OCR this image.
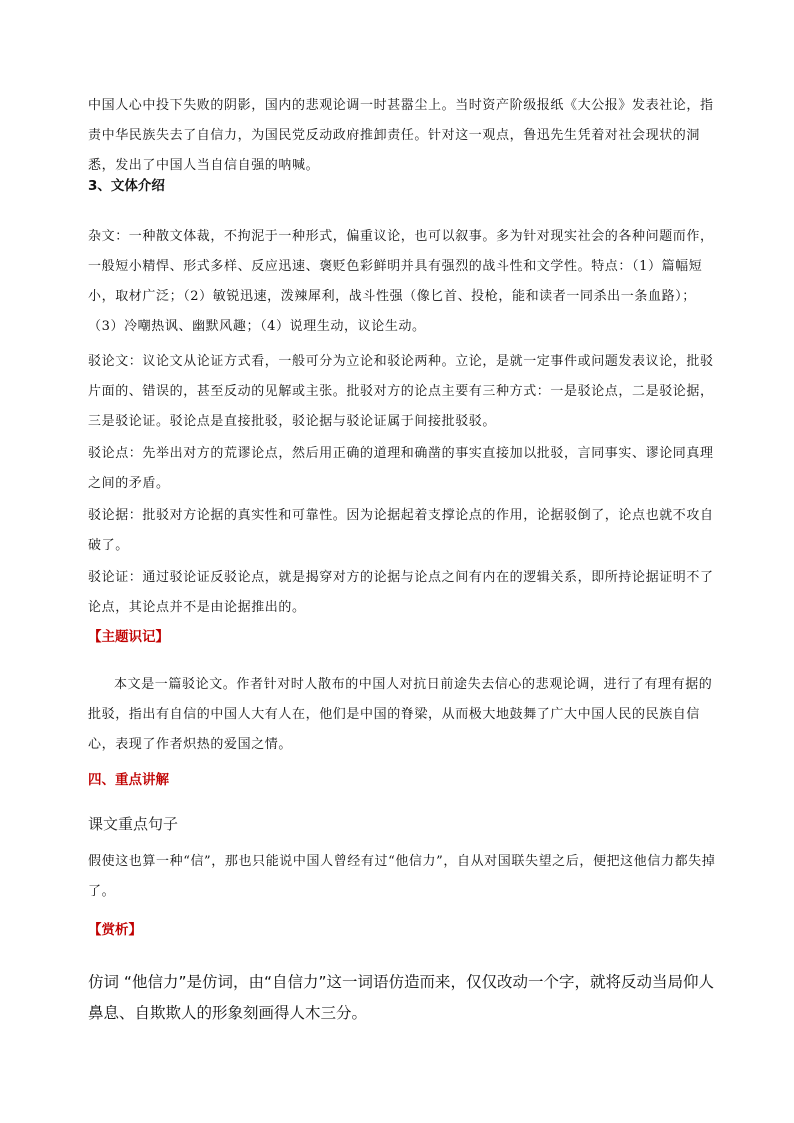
中国人心中投下失败的阴影，国内的悲观论调一时甚嚣尘上。当时资产阶级报纸《大公报》发表社论，指责中华民族失去了自信力，为国民党反动政府推卸责任。针对这一观点，鲁迅先生凭着对社会现状的洞悉，发出了中国人当自信自强的呐喊。

3、文体介绍

杂文：一种散文体裁，不拘泥于一种形式，偏重议论，也可以叙事。多为针对现实社会的各种问题而作，一般短小精悍、形式多样、反应迅速、褒贬色彩鲜明并具有强烈的战斗性和文学性。特点：（1）篇幅短小，取材广泛；（2）敏锐迅速，泼辣犀利，战斗性强（像匕首、投枪，能和读者一同杀出一条血路）；（3）冷嘲热讽、幽默风趣；（4）说理生动，议论生动。

驳论文：议论文从论证方式看，一般可分为立论和驳论两种。立论，是就一定事件或问题发表议论，批驳片面的、错误的，甚至反动的见解或主张。批驳对方的论点主要有三种方式：一是驳论点，二是驳论据，三是驳论证。驳论点是直接批驳，驳论据与驳论证属于间接批驳驳。

驳论点：先举出对方的荒谬论点，然后用正确的道理和确凿的事实直接加以批驳，言同事实、谬论同真理之间的矛盾。

驳论据：批驳对方论据的真实性和可靠性。因为论据起着支撑论点的作用，论据驳倒了，论点也就不攻自破了。

驳论证：通过驳论证反驳论点，就是揭穿对方的论据与论点之间有内在的逻辑关系，即所持论据证明不了论点，其论点并不是由论据推出的。

【主题识记】

本文是一篇驳论文。作者针对时人散布的中国人对抗日前途失去信心的悲观论调，进行了有理有据的批驳，指出有自信的中国人大有人在，他们是中国的脊梁，从而极大地鼓舞了广大中国人民的民族自信心，表现了作者炽热的爱国之情。

四、重点讲解
课文重点句子

假使这也算一种“信”，那也只能说中国人曾经有过“他信力”，自从对国联失望之后，便把这他信力都失掉了。

【赏析】

仿词 “他信力”是仿词，由“自信力”这一词语仿造而来，仅仅改动一个字，就将反动当局仰人鼻息、自欺欺人的形象刻画得人木三分。
